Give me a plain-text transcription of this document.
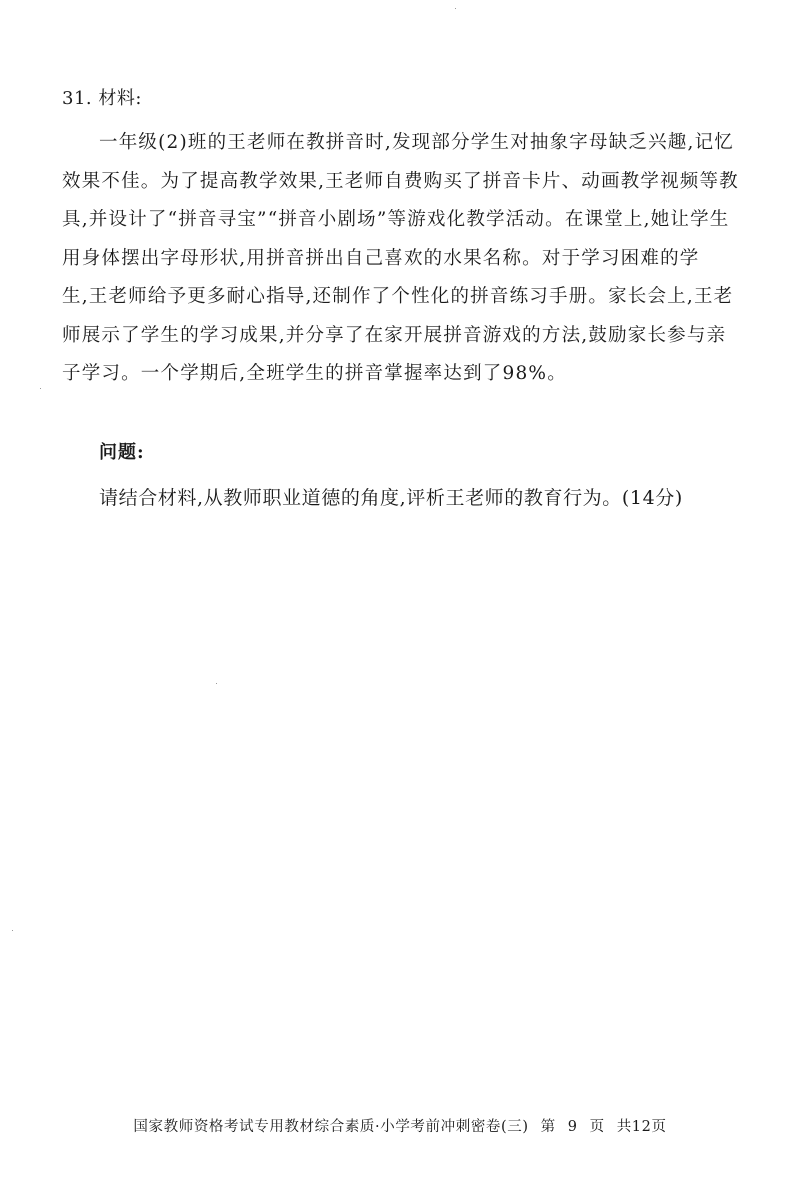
31. 材料:
一年级(2)班的王老师在教拼音时,发现部分学生对抽象字母缺乏兴趣,记忆
效果不佳。为了提高教学效果,王老师自费购买了拼音卡片、动画教学视频等教
具,并设计了“拼音寻宝”“拼音小剧场”等游戏化教学活动。在课堂上,她让学生
用身体摆出字母形状,用拼音拼出自己喜欢的水果名称。对于学习困难的学
生,王老师给予更多耐心指导,还制作了个性化的拼音练习手册。家长会上,王老
师展示了学生的学习成果,并分享了在家开展拼音游戏的方法,鼓励家长参与亲
子学习。一个学期后,全班学生的拼音掌握率达到了98%。
问题:
请结合材料,从教师职业道德的角度,评析王老师的教育行为。(14分)
国家教师资格考试专用教材综合素质·小学考前冲刺密卷(三) 第 9 页 共12页
